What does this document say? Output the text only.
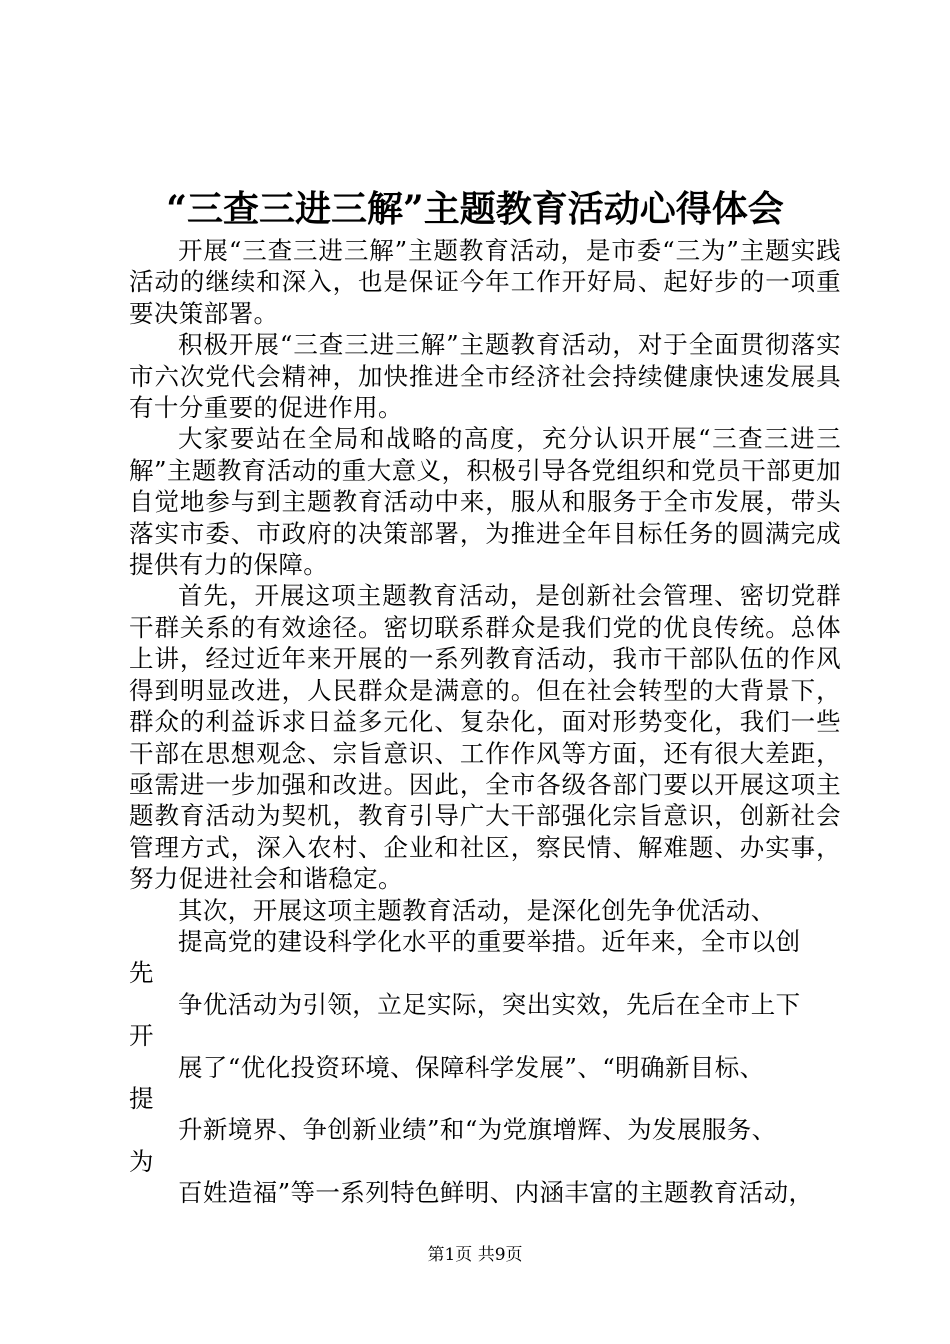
“三查三进三解”主题教育活动心得体会

开展“三查三进三解”主题教育活动，是市委“三为”主题实践活动的继续和深入，也是保证今年工作开好局、起好步的一项重要决策部署。

积极开展“三查三进三解”主题教育活动，对于全面贯彻落实市六次党代会精神，加快推进全市经济社会持续健康快速发展具有十分重要的促进作用。

大家要站在全局和战略的高度，充分认识开展“三查三进三解”主题教育活动的重大意义，积极引导各党组织和党员干部更加自觉地参与到主题教育活动中来，服从和服务于全市发展，带头落实市委、市政府的决策部署，为推进全年目标任务的圆满完成提供有力的保障。

首先，开展这项主题教育活动，是创新社会管理、密切党群干群关系的有效途径。密切联系群众是我们党的优良传统。总体上讲，经过近年来开展的一系列教育活动，我市干部队伍的作风得到明显改进，人民群众是满意的。但在社会转型的大背景下，群众的利益诉求日益多元化、复杂化，面对形势变化，我们一些干部在思想观念、宗旨意识、工作作风等方面，还有很大差距，亟需进一步加强和改进。因此，全市各级各部门要以开展这项主题教育活动为契机，教育引导广大干部强化宗旨意识，创新社会管理方式，深入农村、企业和社区，察民情、解难题、办实事，努力促进社会和谐稳定。

其次，开展这项主题教育活动，是深化创先争优活动、
提高党的建设科学化水平的重要举措。近年来，全市以创
先
争优活动为引领，立足实际，突出实效，先后在全市上下
开
展了“优化投资环境、保障科学发展”、“明确新目标、
提
升新境界、争创新业绩”和“为党旗增辉、为发展服务、
为
百姓造福”等一系列特色鲜明、内涵丰富的主题教育活动，
第1页 共9页
